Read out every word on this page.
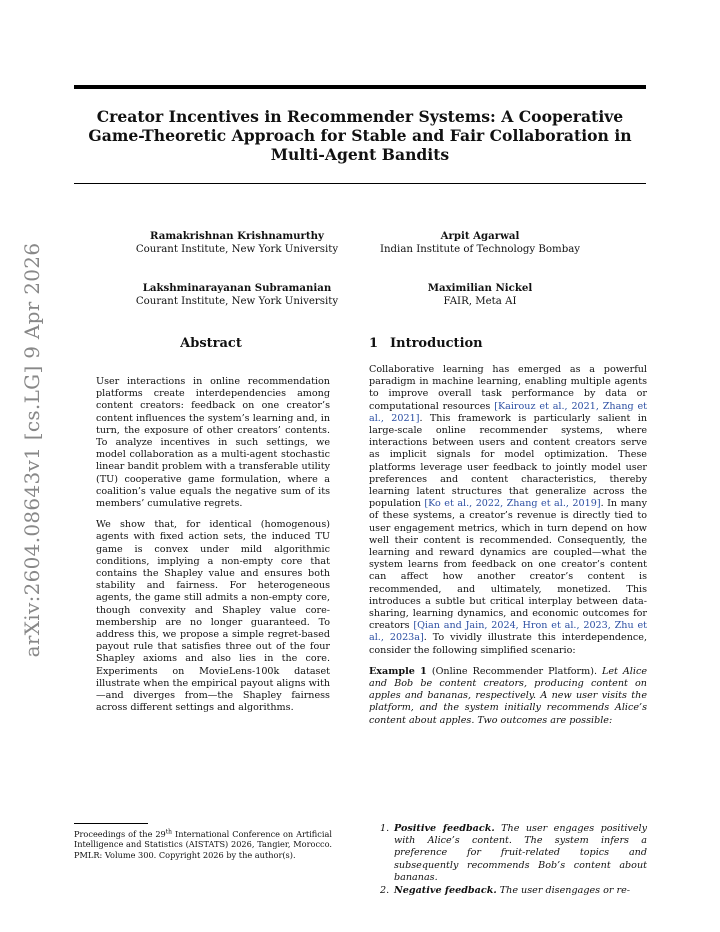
Creator Incentives in Recommender Systems: A Cooperative Game-Theoretic Approach for Stable and Fair Collaboration in Multi-Agent Bandits
arXiv:2604.08643v1 [cs.LG] 9 Apr 2026
Ramakrishnan Krishnamurthy
Courant Institute, New York University
Arpit Agarwal
Indian Institute of Technology Bombay
Lakshminarayanan Subramanian
Courant Institute, New York University
Maximilian Nickel
FAIR, Meta AI
Abstract

User interactions in online recommendation platforms create interdependencies among content creators: feedback on one creator’s content influences the system’s learning and, in turn, the exposure of other creators’ contents. To analyze incentives in such settings, we model collaboration as a multi-agent stochastic linear bandit problem with a transferable utility (TU) cooperative game formulation, where a coalition’s value equals the negative sum of its members’ cumulative regrets.

We show that, for identical (homogenous) agents with fixed action sets, the induced TU game is convex under mild algorithmic conditions, implying a non-empty core that contains the Shapley value and ensures both stability and fairness. For heterogeneous agents, the game still admits a non-empty core, though convexity and Shapley value core-membership are no longer guaranteed. To address this, we propose a simple regret-based payout rule that satisfies three out of the four Shapley axioms and also lies in the core. Experiments on MovieLens-100k dataset illustrate when the empirical payout aligns with—and diverges from—the Shapley fairness across different settings and algorithms.

Proceedings of the 29th International Conference on Artificial Intelligence and Statistics (AISTATS) 2026, Tangier, Morocco. PMLR: Volume 300. Copyright 2026 by the author(s).
1 Introduction

Collaborative learning has emerged as a powerful paradigm in machine learning, enabling multiple agents to improve overall task performance by data or computational resources [Kairouz et al., 2021, Zhang et al., 2021]. This framework is particularly salient in large-scale online recommender systems, where interactions between users and content creators serve as implicit signals for model optimization. These platforms leverage user feedback to jointly model user preferences and content characteristics, thereby learning latent structures that generalize across the population [Ko et al., 2022, Zhang et al., 2019]. In many of these systems, a creator’s revenue is directly tied to user engagement metrics, which in turn depend on how well their content is recommended. Consequently, the learning and reward dynamics are coupled—what the system learns from feedback on one creator’s content can affect how another creator’s content is recommended, and ultimately, monetized. This introduces a subtle but critical interplay between data-sharing, learning dynamics, and economic outcomes for creators [Qian and Jain, 2024, Hron et al., 2023, Zhu et al., 2023a]. To vividly illustrate this interdependence, consider the following simplified scenario:

Example 1 (Online Recommender Platform). Let Alice and Bob be content creators, producing content on apples and bananas, respectively. A new user visits the platform, and the system initially recommends Alice’s content about apples. Two outcomes are possible:

1. Positive feedback. The user engages positively with Alice’s content. The system infers a preference for fruit-related topics and subsequently recommends Bob’s content about bananas.
2. Negative feedback. The user disengages or re-
